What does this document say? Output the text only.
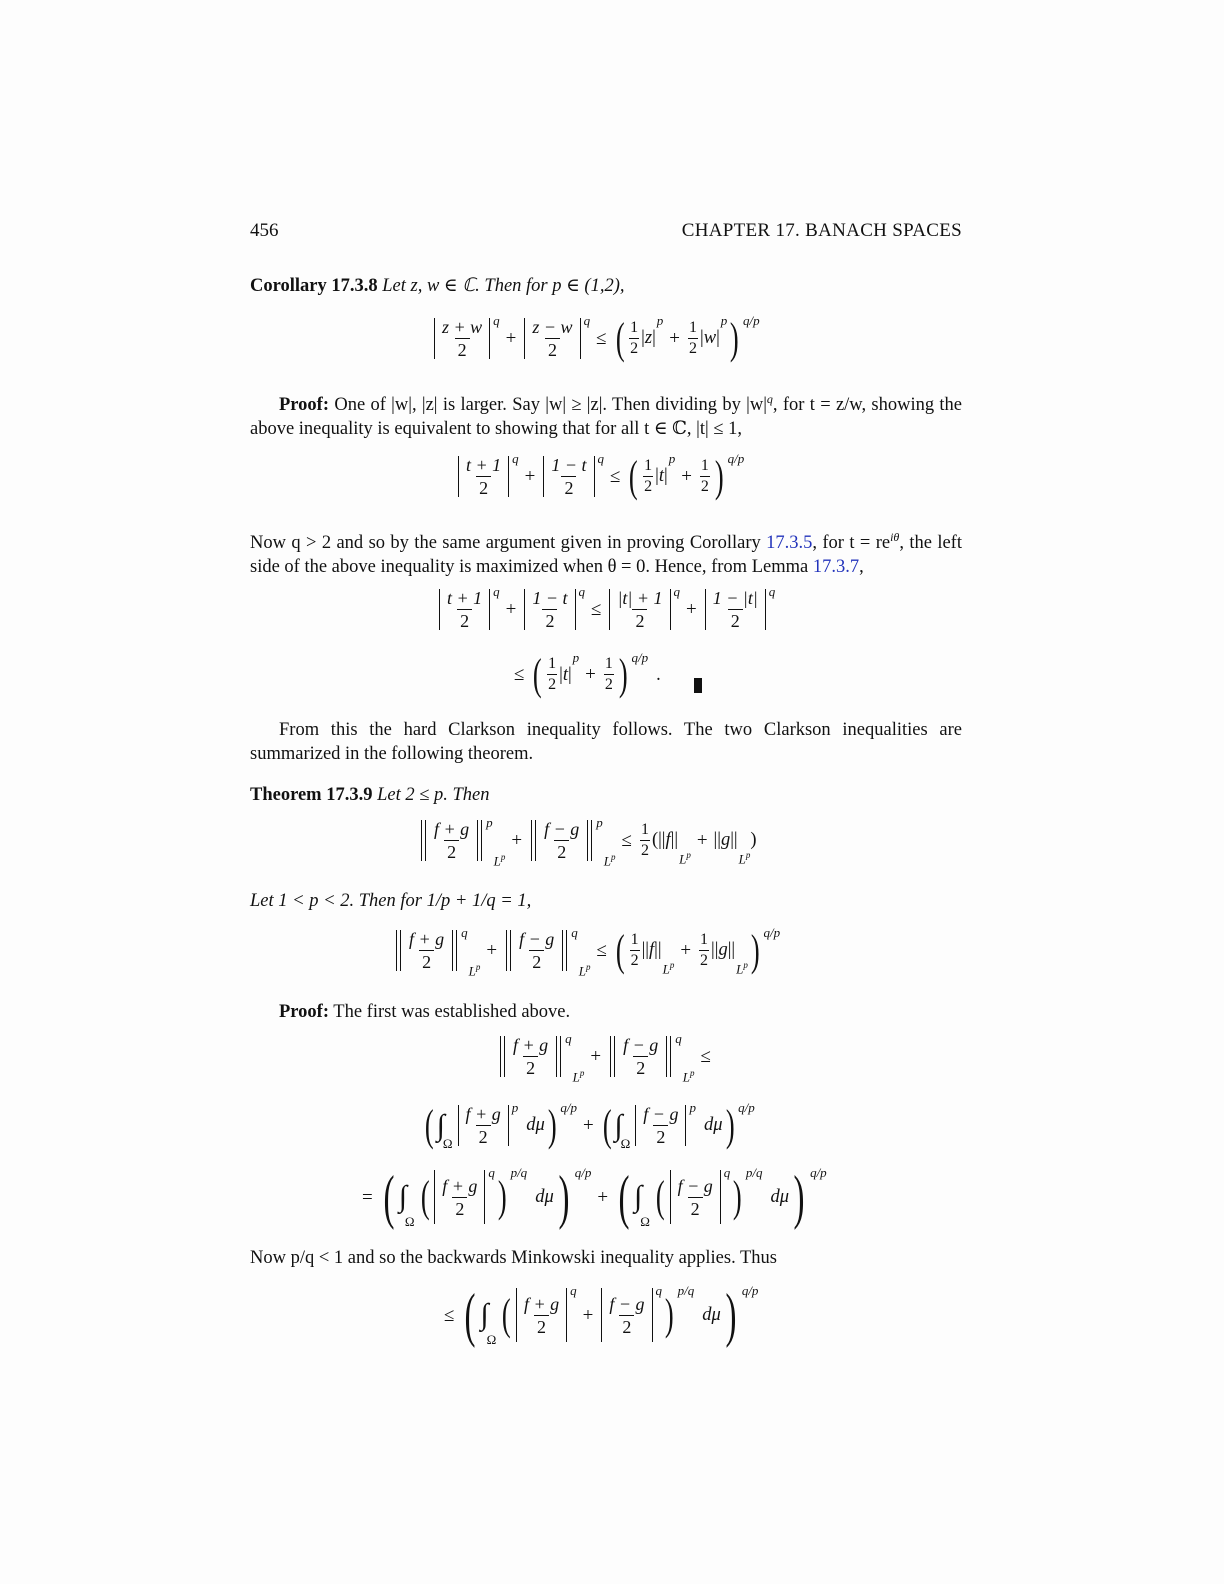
456	CHAPTER 17. BANACH SPACES
Corollary 17.3.8 Let z, w ∈ ℂ. Then for p ∈ (1,2),
z + w
2
q
+
z − w
2
q
≤ ( 1
2
| z |
p
+ $\frac{1}{2}$ | w |
p ) q/p
Proof: One of |w|, |z| is larger. Say |w| ≥ |z|. Then dividing by $|w|^q$, for t = z/w, showing the above inequality is equivalent to showing that for all t ∈ ℂ, |t| ≤ 1,
t + 1
2
q
+
1 − t
2
q
≤ ( 1
2
| t |
p
+ $\frac{1}{2}$ ) q/p
Now q > 2 and so by the same argument given in proving Corollary 17.3.5, for $t = re^{i\theta}$, the left side of the above inequality is maximized when θ = 0. Hence, from Lemma 17.3.7,
t + 1
2
q
+
1 − t
2
q
≤
|t| + 1
2
q
+
1 − |t|
2
q
≤ ( 1
2
| t |
p
+ $\frac{1}{2}$ ) q/p
.
From this the hard Clarkson inequality follows. The two Clarkson inequalities are summarized in the following theorem.
Theorem 17.3.9 Let 2 ≤ p. Then
f + g
2
p
$L^p$
+
f − g
2
p
$L^p$
≤ $\frac{1}{2}$ (|| f ||
$L^p$
+ || g ||
$L^p$
)
Let 1 < p < 2. Then for 1/p + 1/q = 1,
f + g
2
q
$L^p$
+
f − g
2
q
$L^p$
≤ ( 1
2
|| f ||
$L^p$
+ $\frac{1}{2}$ || g ||
$L^p$ ) q/p
Proof: The first was established above.
f + g
2
q
$L^p$
+
f − g
2
q
$L^p$
≤
( ∫
Ω
f + g
2
p
dμ ) q/p
+ ( ∫
Ω
f − g
2
p
dμ ) q/p
= ( ∫
Ω
( f + g
2
q ) p/q
dμ ) q/p
+ ( ∫
Ω
( f − g
2
q ) p/q
dμ ) q/p
Now p/q < 1 and so the backwards Minkowski inequality applies. Thus
≤ ( ∫
Ω
( f + g
2
q
+
f − g
2
q ) p/q
dμ ) q/p
